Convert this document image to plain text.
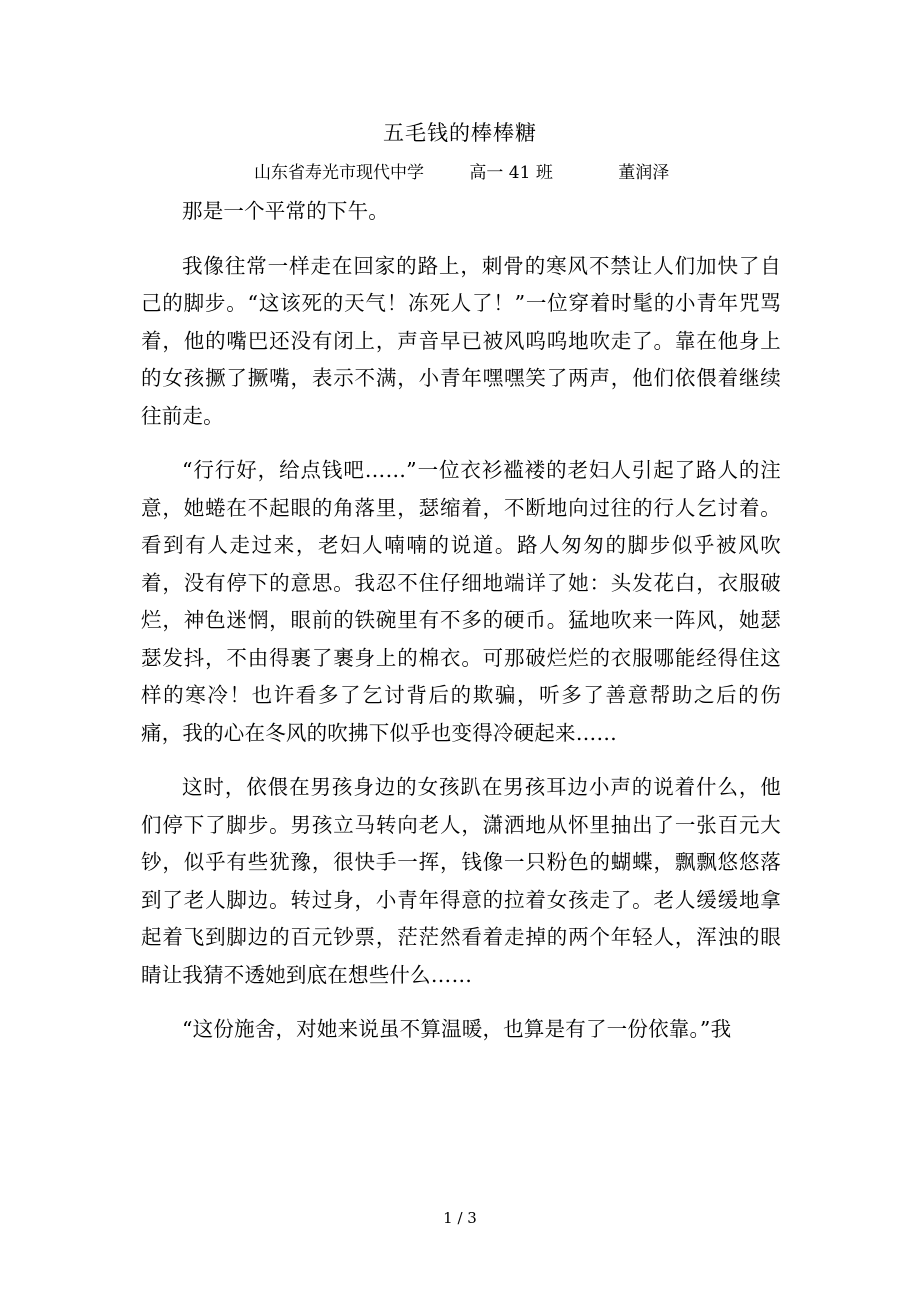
五毛钱的棒棒糖
山东省寿光市现代中学	高一 41 班	董润泽

那是一个平常的下午。

我像往常一样走在回家的路上，刺骨的寒风不禁让人们加快了自己的脚步。“这该死的天气！冻死人了！”一位穿着时髦的小青年咒骂着，他的嘴巴还没有闭上，声音早已被风呜呜地吹走了。靠在他身上的女孩撅了撅嘴，表示不满，小青年嘿嘿笑了两声，他们依偎着继续往前走。

“行行好，给点钱吧……”一位衣衫褴褛的老妇人引起了路人的注意，她蜷在不起眼的角落里，瑟缩着，不断地向过往的行人乞讨着。看到有人走过来，老妇人喃喃的说道。路人匆匆的脚步似乎被风吹着，没有停下的意思。我忍不住仔细地端详了她：头发花白，衣服破烂，神色迷惘，眼前的铁碗里有不多的硬币。猛地吹来一阵风，她瑟瑟发抖，不由得裹了裹身上的棉衣。可那破烂烂的衣服哪能经得住这样的寒冷！也许看多了乞讨背后的欺骗，听多了善意帮助之后的伤痛，我的心在冬风的吹拂下似乎也变得冷硬起来……

这时，依偎在男孩身边的女孩趴在男孩耳边小声的说着什么，他们停下了脚步。男孩立马转向老人，潇洒地从怀里抽出了一张百元大钞，似乎有些犹豫，很快手一挥，钱像一只粉色的蝴蝶，飘飘悠悠落到了老人脚边。转过身，小青年得意的拉着女孩走了。老人缓缓地拿起着飞到脚边的百元钞票，茫茫然看着走掉的两个年轻人，浑浊的眼睛让我猜不透她到底在想些什么……

“这份施舍，对她来说虽不算温暖，也算是有了一份依靠。”我

1 / 3
